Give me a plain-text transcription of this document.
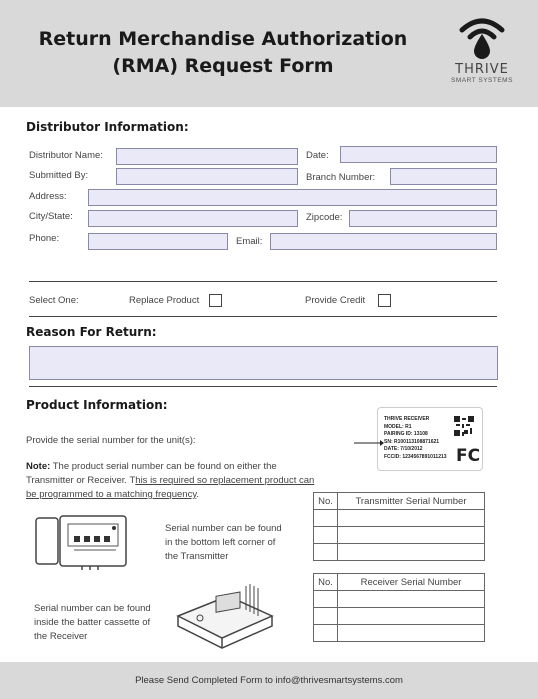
Return Merchandise Authorization
(RMA) Request Form	THRIVE
SMART SYSTEMS
Distributor Information:
Distributor Name:	Date:
Submitted By:	Branch Number:
Address:
City/State:	Zipcode:
Phone:	Email:
Select One:	Replace Product	Provide Credit
Reason For Return:
Product Information:
Provide the serial number for the unit(s):
Note: The product serial number can be found on either the Transmitter or Receiver. This is required so replacement product can be programmed to a matching frequency.
THRIVE RECEIVER
MODEL: R1
PAIRING ID: 13108
SN: R100113108871621
DATE: 7/10/2012
FCCID: 1234567891011213 FC
Serial number can be found in the bottom left corner of the Transmitter
Serial number can be found inside the batter cassette of the Receiver
No.	Transmitter Serial Number

No.	Receiver Serial Number

Please Send Completed Form to info@thrivesmartsystems.com
